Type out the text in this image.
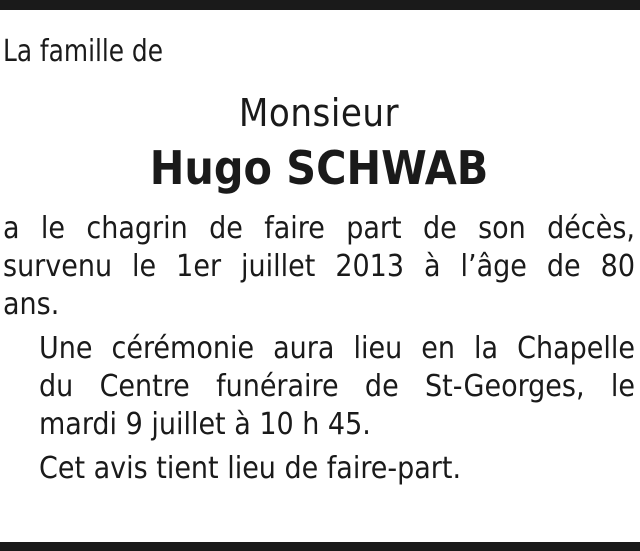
La famille de

Monsieur

Hugo SCHWAB

a le chagrin de faire part de son décès,
survenu le 1er juillet 2013 à l’âge de 80
ans.
Une cérémonie aura lieu en la Chapelle
du Centre funéraire de St-Georges, le
mardi 9 juillet à 10 h 45.

Cet avis tient lieu de faire-part.
